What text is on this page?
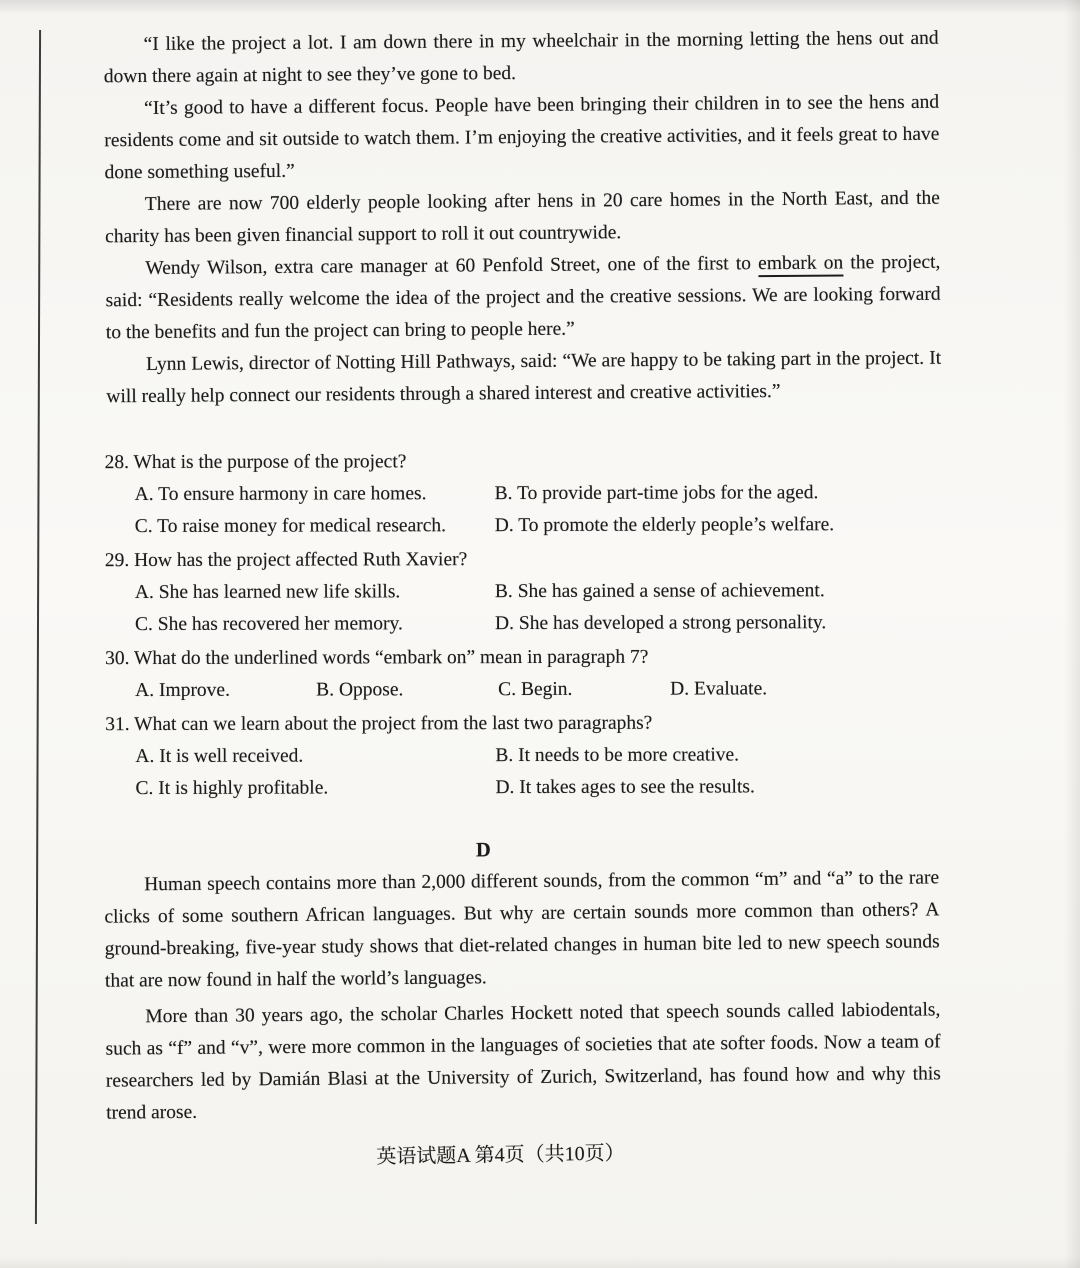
“I like the project a lot. I am down there in my wheelchair in the morning letting the hens out and down there again at night to see they’ve gone to bed.

“It’s good to have a different focus. People have been bringing their children in to see the hens and residents come and sit outside to watch them. I’m enjoying the creative activities, and it feels great to have done something useful.”

There are now 700 elderly people looking after hens in 20 care homes in the North East, and the charity has been given financial support to roll it out countrywide.

Wendy Wilson, extra care manager at 60 Penfold Street, one of the first to embark on the project, said: “Residents really welcome the idea of the project and the creative sessions. We are looking forward to the benefits and fun the project can bring to people here.”

Lynn Lewis, director of Notting Hill Pathways, said: “We are happy to be taking part in the project. It will really help connect our residents through a shared interest and creative activities.”

28. What is the purpose of the project?

A. To ensure harmony in care homes.	B. To provide part-time jobs for the aged.

C. To raise money for medical research.	D. To promote the elderly people’s welfare.

29. How has the project affected Ruth Xavier?

A. She has learned new life skills.	B. She has gained a sense of achievement.

C. She has recovered her memory.	D. She has developed a strong personality.

30. What do the underlined words “embark on” mean in paragraph 7?

A. Improve.	B. Oppose.	C. Begin.	D. Evaluate.

31. What can we learn about the project from the last two paragraphs?

A. It is well received.	B. It needs to be more creative.

C. It is highly profitable.	D. It takes ages to see the results.

D

Human speech contains more than 2,000 different sounds, from the common “m” and “a” to the rare clicks of some southern African languages. But why are certain sounds more common than others? A ground-breaking, five-year study shows that diet-related changes in human bite led to new speech sounds that are now found in half the world’s languages.

More than 30 years ago, the scholar Charles Hockett noted that speech sounds called labiodentals, such as “f” and “v”, were more common in the languages of societies that ate softer foods. Now a team of researchers led by Damián Blasi at the University of Zurich, Switzerland, has found how and why this trend arose.

英语试题A 第4页（共10页）
